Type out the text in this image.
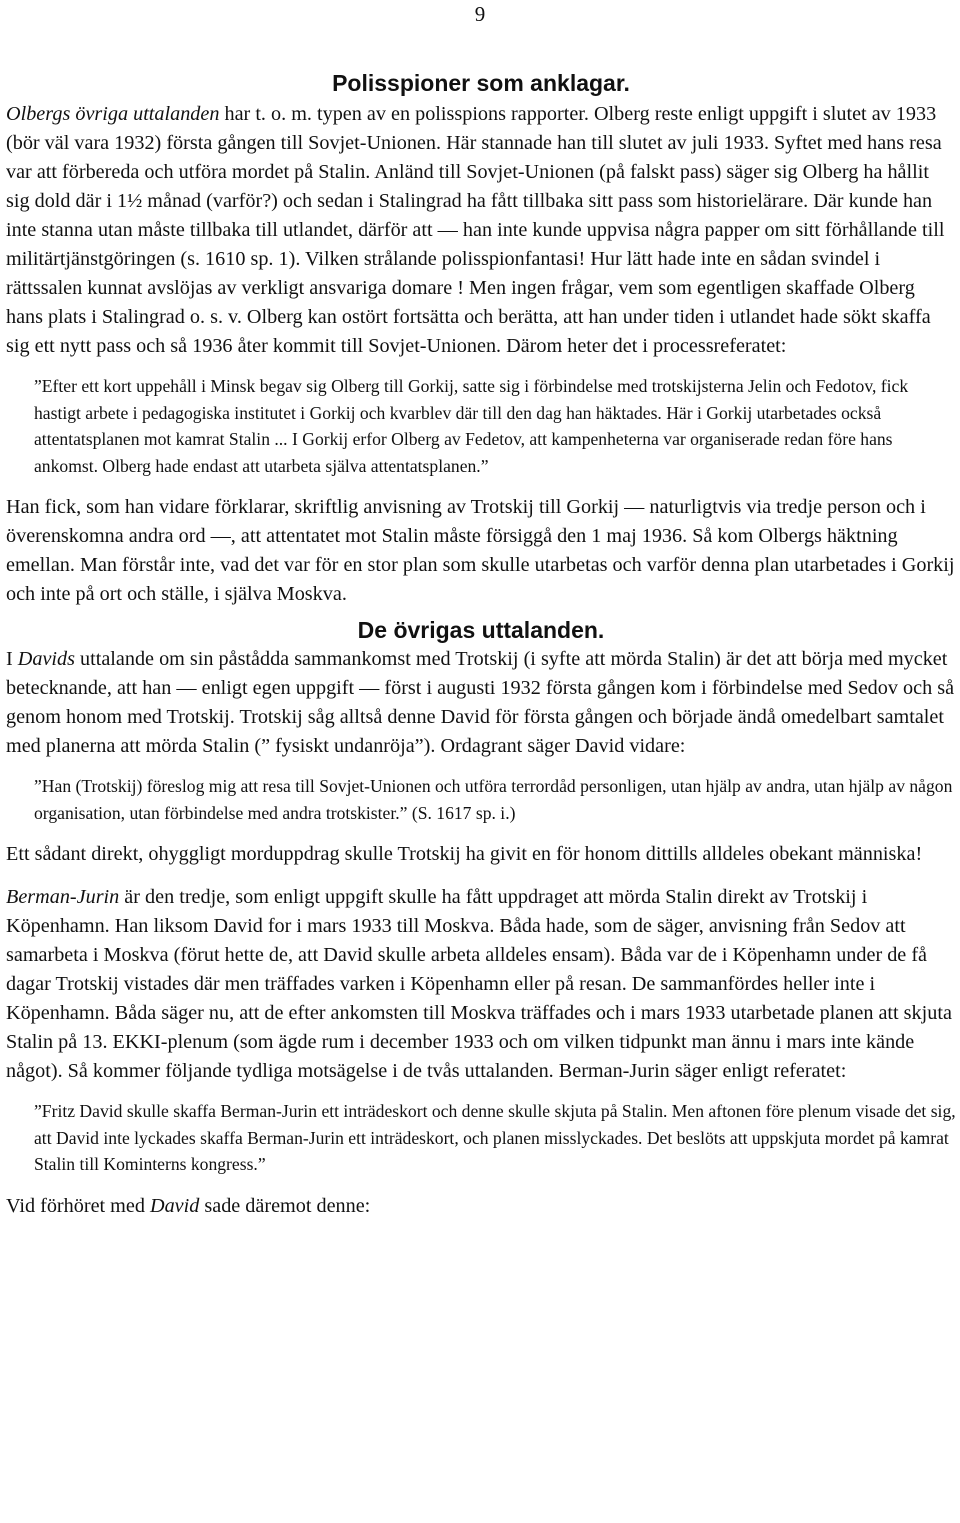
9
Polisspioner som anklagar.

Olbergs övriga uttalanden har t. o. m. typen av en polisspions rapporter. Olberg reste enligt uppgift i slutet av 1933 (bör väl vara 1932) första gången till Sovjet-Unionen. Här stannade han till slutet av juli 1933. Syftet med hans resa var att förbereda och utföra mordet på Stalin. Anländ till Sovjet-Unionen (på falskt pass) säger sig Olberg ha hållit sig dold där i 1½ månad (varför?) och sedan i Stalingrad ha fått tillbaka sitt pass som historielärare. Där kunde han inte stanna utan måste tillbaka till utlandet, därför att — han inte kunde uppvisa några papper om sitt förhållande till militärtjänstgöringen (s. 1610 sp. 1). Vilken strålande polisspionfantasi! Hur lätt hade inte en sådan svindel i rättssalen kunnat avslöjas av verkligt ansvariga domare ! Men ingen frågar, vem som egentligen skaffade Olberg hans plats i Stalingrad o. s. v. Olberg kan ostört fortsätta och berätta, att han under tiden i utlandet hade sökt skaffa sig ett nytt pass och så 1936 åter kommit till Sovjet-Unionen. Därom heter det i processreferatet:

”Efter ett kort uppehåll i Minsk begav sig Olberg till Gorkij, satte sig i förbindelse med trotskijsterna Jelin och Fedotov, fick hastigt arbete i pedagogiska institutet i Gorkij och kvarblev där till den dag han häktades. Här i Gorkij utarbetades också attentatsplanen mot kamrat Stalin ... I Gorkij erfor Olberg av Fedetov, att kampenheterna var organiserade redan före hans ankomst. Olberg hade endast att utarbeta själva attentatsplanen.”

Han fick, som han vidare förklarar, skriftlig anvisning av Trotskij till Gorkij — naturligtvis via tredje person och i överenskomna andra ord —, att attentatet mot Stalin måste försiggå den 1 maj 1936. Så kom Olbergs häktning emellan. Man förstår inte, vad det var för en stor plan som skulle utarbetas och varför denna plan utarbetades i Gorkij och inte på ort och ställe, i själva Moskva.

De övrigas uttalanden.

I Davids uttalande om sin påstådda sammankomst med Trotskij (i syfte att mörda Stalin) är det att börja med mycket betecknande, att han — enligt egen uppgift — först i augusti 1932 första gången kom i förbindelse med Sedov och så genom honom med Trotskij. Trotskij såg alltså denne David för första gången och började ändå omedelbart samtalet med planerna att mörda Stalin (” fysiskt undanröja”). Ordagrant säger David vidare:

”Han (Trotskij) föreslog mig att resa till Sovjet-Unionen och utföra terrordåd personligen, utan hjälp av andra, utan hjälp av någon organisation, utan förbindelse med andra trotskister.” (S. 1617 sp. i.)

Ett sådant direkt, ohyggligt morduppdrag skulle Trotskij ha givit en för honom dittills alldeles obekant människa!

Berman-Jurin är den tredje, som enligt uppgift skulle ha fått uppdraget att mörda Stalin direkt av Trotskij i Köpenhamn. Han liksom David for i mars 1933 till Moskva. Båda hade, som de säger, anvisning från Sedov att samarbeta i Moskva (förut hette de, att David skulle arbeta alldeles ensam). Båda var de i Köpenhamn under de få dagar Trotskij vistades där men träffades varken i Köpenhamn eller på resan. De sammanfördes heller inte i Köpenhamn. Båda säger nu, att de efter ankomsten till Moskva träffades och i mars 1933 utarbetade planen att skjuta Stalin på 13. EKKI-plenum (som ägde rum i december 1933 och om vilken tidpunkt man ännu i mars inte kände något). Så kommer följande tydliga motsägelse i de tvås uttalanden. Berman-Jurin säger enligt referatet:

”Fritz David skulle skaffa Berman-Jurin ett inträdeskort och denne skulle skjuta på Stalin. Men aftonen före plenum visade det sig, att David inte lyckades skaffa Berman-Jurin ett inträdeskort, och planen misslyckades. Det beslöts att uppskjuta mordet på kamrat Stalin till Kominterns kongress.”

Vid förhöret med David sade däremot denne:
